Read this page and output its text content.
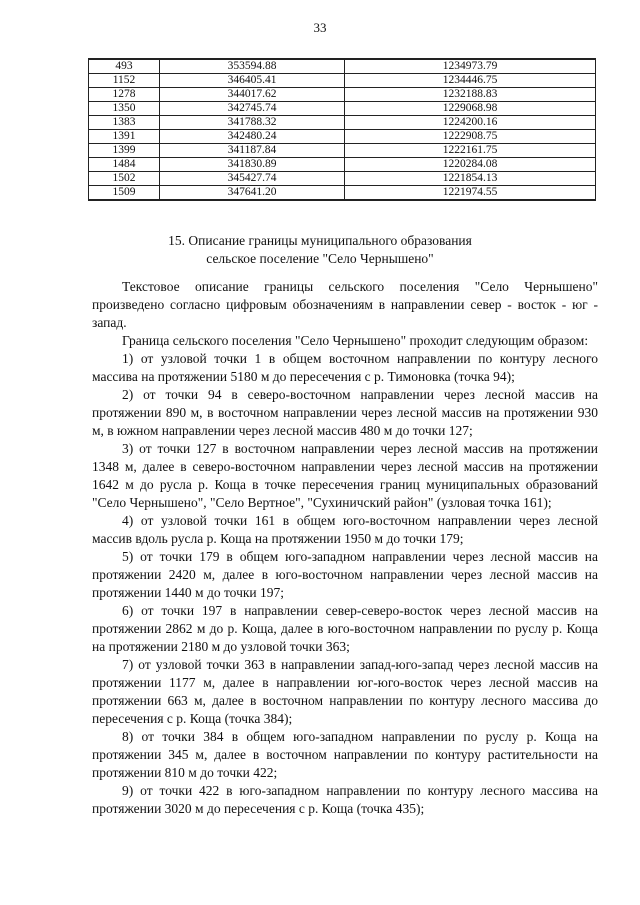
33
493	353594.88	1234973.79
1152	346405.41	1234446.75
1278	344017.62	1232188.83
1350	342745.74	1229068.98
1383	341788.32	1224200.16
1391	342480.24	1222908.75
1399	341187.84	1222161.75
1484	341830.89	1220284.08
1502	345427.74	1221854.13
1509	347641.20	1221974.55
15. Описание границы муниципального образования
сельское поселение "Село Чернышено"

Текстовое описание границы сельского поселения "Село Чернышено" произведено согласно цифровым обозначениям в направлении север - восток - юг - запад.

Граница сельского поселения "Село Чернышено" проходит следующим образом:

1) от узловой точки 1 в общем восточном направлении по контуру лесного массива на протяжении 5180 м до пересечения с р. Тимоновка (точка 94);

2) от точки 94 в северо-восточном направлении через лесной массив на протяжении 890 м, в восточном направлении через лесной массив на протяжении 930 м, в южном направлении через лесной массив 480 м до точки 127;

3) от точки 127 в восточном направлении через лесной массив на протяжении 1348 м, далее в северо-восточном направлении через лесной массив на протяжении 1642 м до русла р. Коща в точке пересечения границ муниципальных образований "Село Чернышено", "Село Вертное", "Сухиничский район" (узловая точка 161);

4) от узловой точки 161 в общем юго-восточном направлении через лесной массив вдоль русла р. Коща на протяжении 1950 м до точки 179;

5) от точки 179 в общем юго-западном направлении через лесной массив на протяжении 2420 м, далее в юго-восточном направлении через лесной массив на протяжении 1440 м до точки 197;

6) от точки 197 в направлении север-северо-восток через лесной массив на протяжении 2862 м до р. Коща, далее в юго-восточном направлении по руслу р. Коща на протяжении 2180 м до узловой точки 363;

7) от узловой точки 363 в направлении запад-юго-запад через лесной массив на протяжении 1177 м, далее в направлении юг-юго-восток через лесной массив на протяжении 663 м, далее в восточном направлении по контуру лесного массива до пересечения с р. Коща (точка 384);

8) от точки 384 в общем юго-западном направлении по руслу р. Коща на протяжении 345 м, далее в восточном направлении по контуру растительности на протяжении 810 м до точки 422;

9) от точки 422 в юго-западном направлении по контуру лесного массива на протяжении 3020 м до пересечения с р. Коща (точка 435);
